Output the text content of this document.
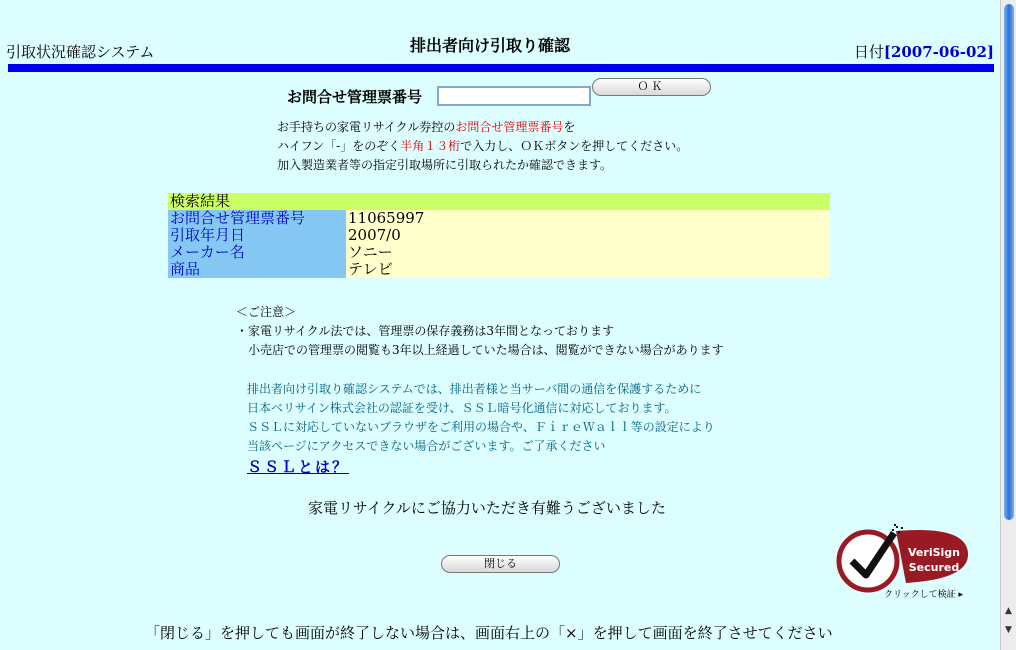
引取状況確認システム	排出者向け引取り確認	日付[2007-06-02]
お問合せ管理票番号
ＯＫ
お手持ちの家電リサイクル券控のお問合せ管理票番号を
ハイフン「-」をのぞく半角１３桁で入力し、ＯＫボタンを押してください。
加入製造業者等の指定引取場所に引取られたか確認できます。
検索結果	
お問合せ管理票番号	11065997
引取年月日	2007/0
メーカー名	ソニー
商品	テレビ
＜ご注意＞
・家電リサイクル法では、管理票の保存義務は3年間となっております
　小売店での管理票の閲覧も3年以上経過していた場合は、閲覧ができない場合があります
排出者向け引取り確認システムでは、排出者様と当サーバ間の通信を保護するために
日本ベリサイン株式会社の認証を受け、ＳＳＬ暗号化通信に対応しております。
ＳＳＬに対応していないブラウザをご利用の場合や、ＦｉｒｅＷａｌｌ等の設定により
当該ページにアクセスできない場合がございます。ご了承ください
ＳＳＬとは？
家電リサイクルにご協力いただき有難うございました
閉じる
VeriSign
Secured
クリックして検証 ▸
「閉じる」を押しても画面が終了しない場合は、画面右上の「×」を押して画面を終了させてください
▲
▼
